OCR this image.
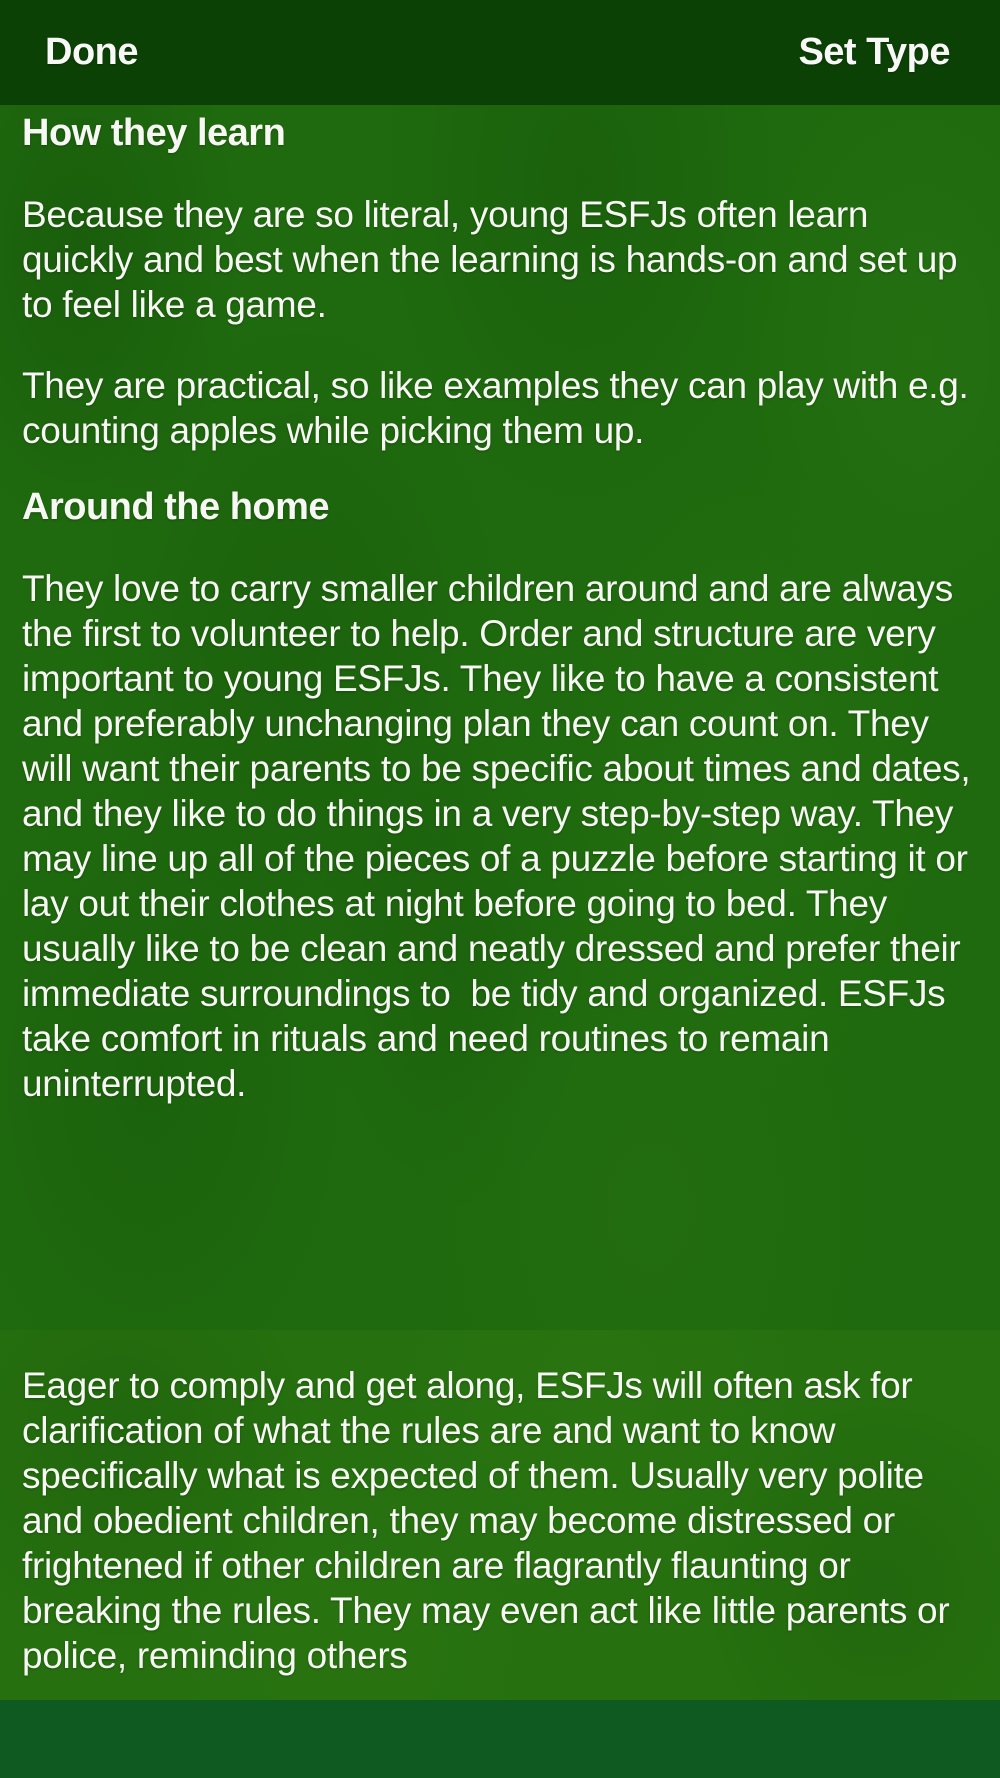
Done	Set Type
How they learn

Because they are so literal, young ESFJs often learn quickly and best when the learning is hands-on and set up to feel like a game.

They are practical, so like examples they can play with e.g. counting apples while picking them up.

Around the home

They love to carry smaller children around and are always the first to volunteer to help. Order and structure are very important to young ESFJs. They like to have a consistent and preferably unchanging plan they can count on. They will want their parents to be specific about times and dates, and they like to do things in a very step-by-step way. They may line up all of the pieces of a puzzle before starting it or lay out their clothes at night before going to bed. They usually like to be clean and neatly dressed and prefer their immediate surroundings to  be tidy and organized. ESFJs take comfort in rituals and need routines to remain uninterrupted.

Eager to comply and get along, ESFJs will often ask for clarification of what the rules are and want to know specifically what is expected of them. Usually very polite and obedient children, they may become distressed or frightened if other children are flagrantly flaunting or breaking the rules. They may even act like little parents or police, reminding others
